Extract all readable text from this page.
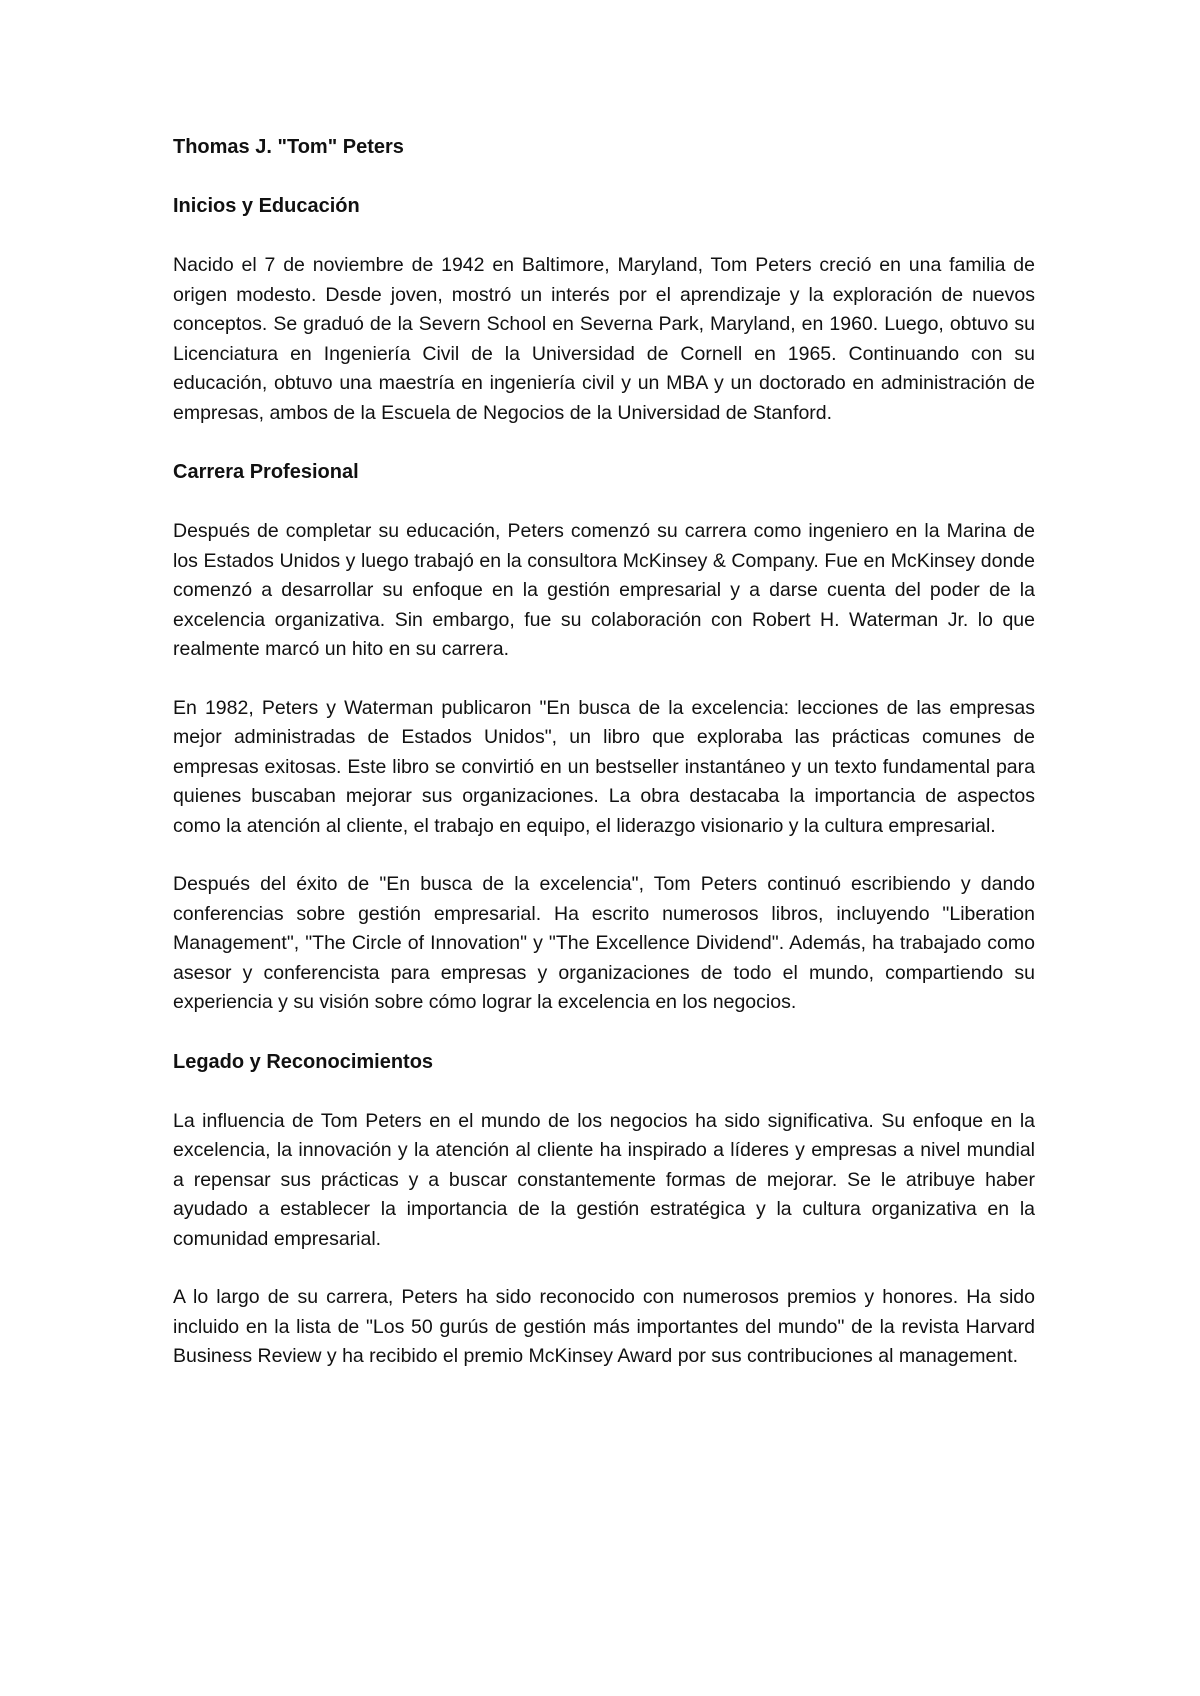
Thomas J. "Tom" Peters
Inicios y Educación

Nacido el 7 de noviembre de 1942 en Baltimore, Maryland, Tom Peters creció en una familia de origen modesto. Desde joven, mostró un interés por el aprendizaje y la exploración de nuevos conceptos. Se graduó de la Severn School en Severna Park, Maryland, en 1960. Luego, obtuvo su Licenciatura en Ingeniería Civil de la Universidad de Cornell en 1965. Continuando con su educación, obtuvo una maestría en ingeniería civil y un MBA y un doctorado en administración de empresas, ambos de la Escuela de Negocios de la Universidad de Stanford.

Carrera Profesional

Después de completar su educación, Peters comenzó su carrera como ingeniero en la Marina de los Estados Unidos y luego trabajó en la consultora McKinsey & Company. Fue en McKinsey donde comenzó a desarrollar su enfoque en la gestión empresarial y a darse cuenta del poder de la excelencia organizativa. Sin embargo, fue su colaboración con Robert H. Waterman Jr. lo que realmente marcó un hito en su carrera.

En 1982, Peters y Waterman publicaron "En busca de la excelencia: lecciones de las empresas mejor administradas de Estados Unidos", un libro que exploraba las prácticas comunes de empresas exitosas. Este libro se convirtió en un bestseller instantáneo y un texto fundamental para quienes buscaban mejorar sus organizaciones. La obra destacaba la importancia de aspectos como la atención al cliente, el trabajo en equipo, el liderazgo visionario y la cultura empresarial.

Después del éxito de "En busca de la excelencia", Tom Peters continuó escribiendo y dando conferencias sobre gestión empresarial. Ha escrito numerosos libros, incluyendo "Liberation Management", "The Circle of Innovation" y "The Excellence Dividend". Además, ha trabajado como asesor y conferencista para empresas y organizaciones de todo el mundo, compartiendo su experiencia y su visión sobre cómo lograr la excelencia en los negocios.

Legado y Reconocimientos

La influencia de Tom Peters en el mundo de los negocios ha sido significativa. Su enfoque en la excelencia, la innovación y la atención al cliente ha inspirado a líderes y empresas a nivel mundial a repensar sus prácticas y a buscar constantemente formas de mejorar. Se le atribuye haber ayudado a establecer la importancia de la gestión estratégica y la cultura organizativa en la comunidad empresarial.

A lo largo de su carrera, Peters ha sido reconocido con numerosos premios y honores. Ha sido incluido en la lista de "Los 50 gurús de gestión más importantes del mundo" de la revista Harvard Business Review y ha recibido el premio McKinsey Award por sus contribuciones al management.
